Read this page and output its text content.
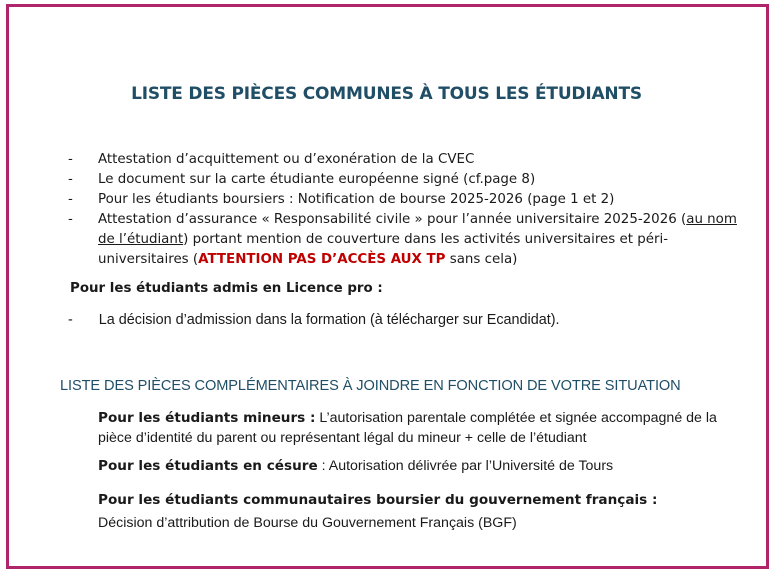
LISTE DES PIÈCES COMMUNES À TOUS LES ÉTUDIANTS
- Attestation d’acquittement ou d’exonération de la CVEC
- Le document sur la carte étudiante européenne signé (cf.page 8)
- Pour les étudiants boursiers : Notification de bourse 2025-2026 (page 1 et 2)
- Attestation d’assurance « Responsabilité civile » pour l’année universitaire 2025-2026 (au nom de l’étudiant) portant mention de couverture dans les activités universitaires et péri-universitaires (ATTENTION PAS D’ACCÈS AUX TP sans cela)
Pour les étudiants admis en Licence pro :
- La décision d’admission dans la formation (à télécharger sur Ecandidat).
LISTE DES PIÈCES COMPLÉMENTAIRES À JOINDRE EN FONCTION DE VOTRE SITUATION
Pour les étudiants mineurs : L’autorisation parentale complétée et signée accompagné de la pièce d’identité du parent ou représentant légal du mineur + celle de l’étudiant
Pour les étudiants en césure : Autorisation délivrée par l’Université de Tours
Pour les étudiants communautaires boursier du gouvernement français :
Décision d’attribution de Bourse du Gouvernement Français (BGF)
